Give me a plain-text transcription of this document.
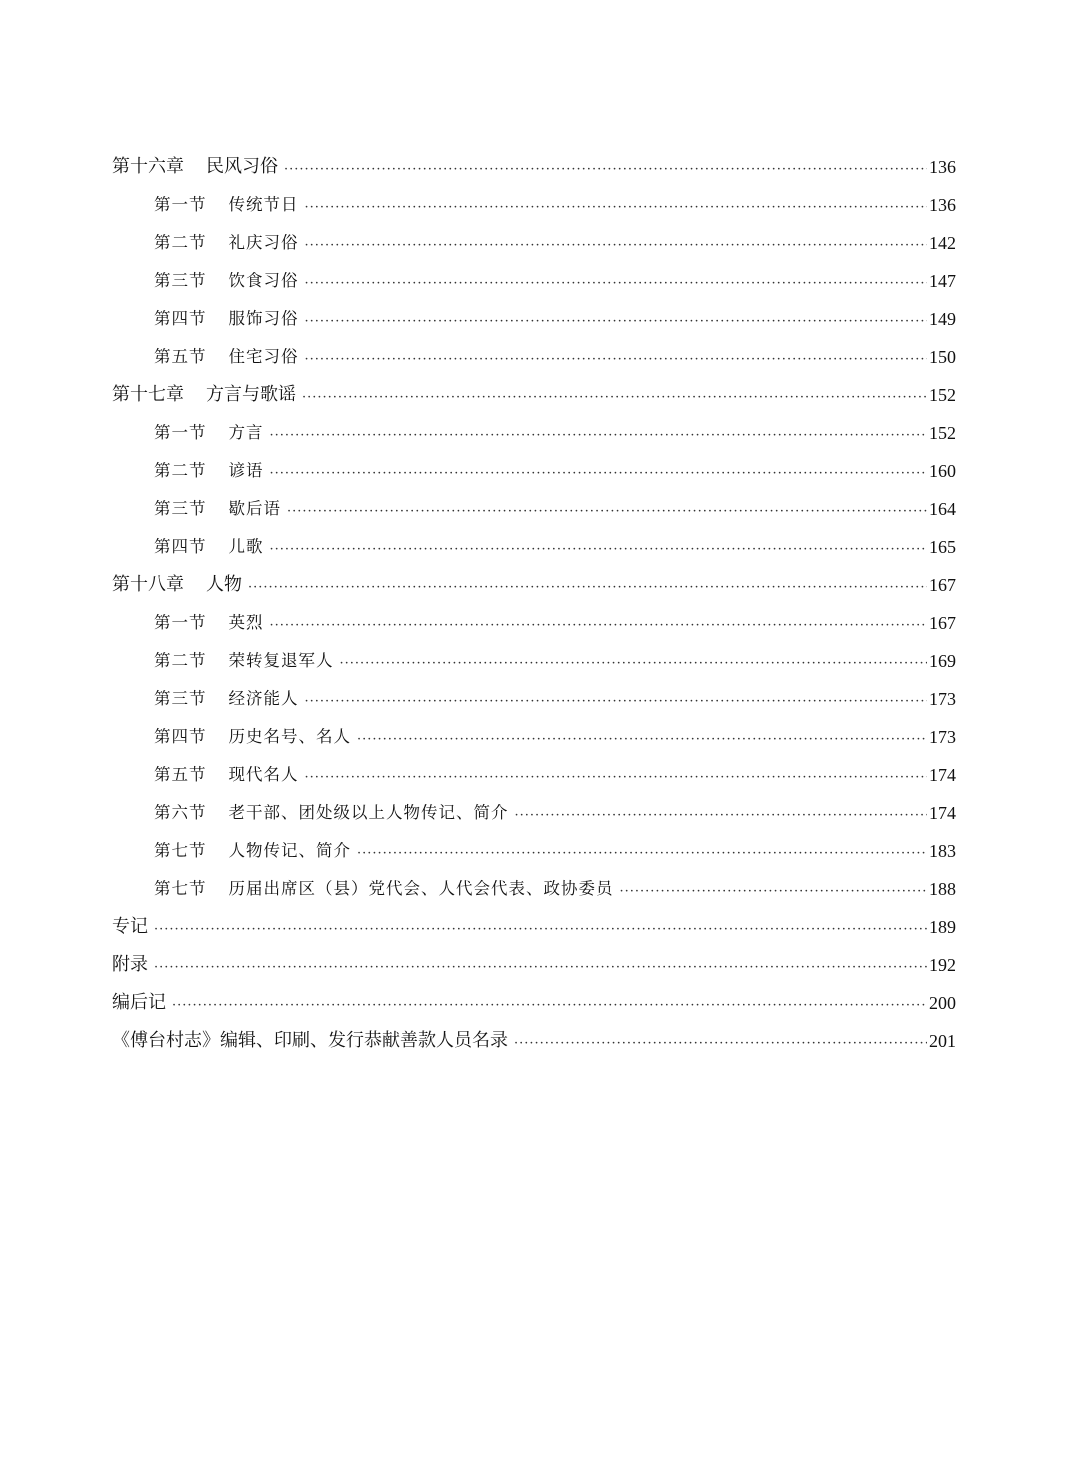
第十六章 民风习俗 ·····	136
第一节 传统节日 ·····	136
第二节 礼庆习俗 ·····	142
第三节 饮食习俗 ·····	147
第四节 服饰习俗 ·····	149
第五节 住宅习俗 ·····	150
第十七章 方言与歌谣 ·····	152
第一节 方言 ·····	152
第二节 谚语 ·····	160
第三节 歇后语 ·····	164
第四节 儿歌 ·····	165
第十八章 人物 ·····	167
第一节 英烈 ·····	167
第二节 荣转复退军人 ·····	169
第三节 经济能人 ·····	173
第四节 历史名号、名人 ·····	173
第五节 现代名人 ·····	174
第六节 老干部、团处级以上人物传记、简介 ·····	174
第七节 人物传记、简介 ·····	183
第七节 历届出席区（县）党代会、人代会代表、政协委员 ·····	188
专记 ·····	189
附录 ·····	192
编后记 ·····	200
《傅台村志》编辑、印刷、发行恭献善款人员名录 ·····	201
